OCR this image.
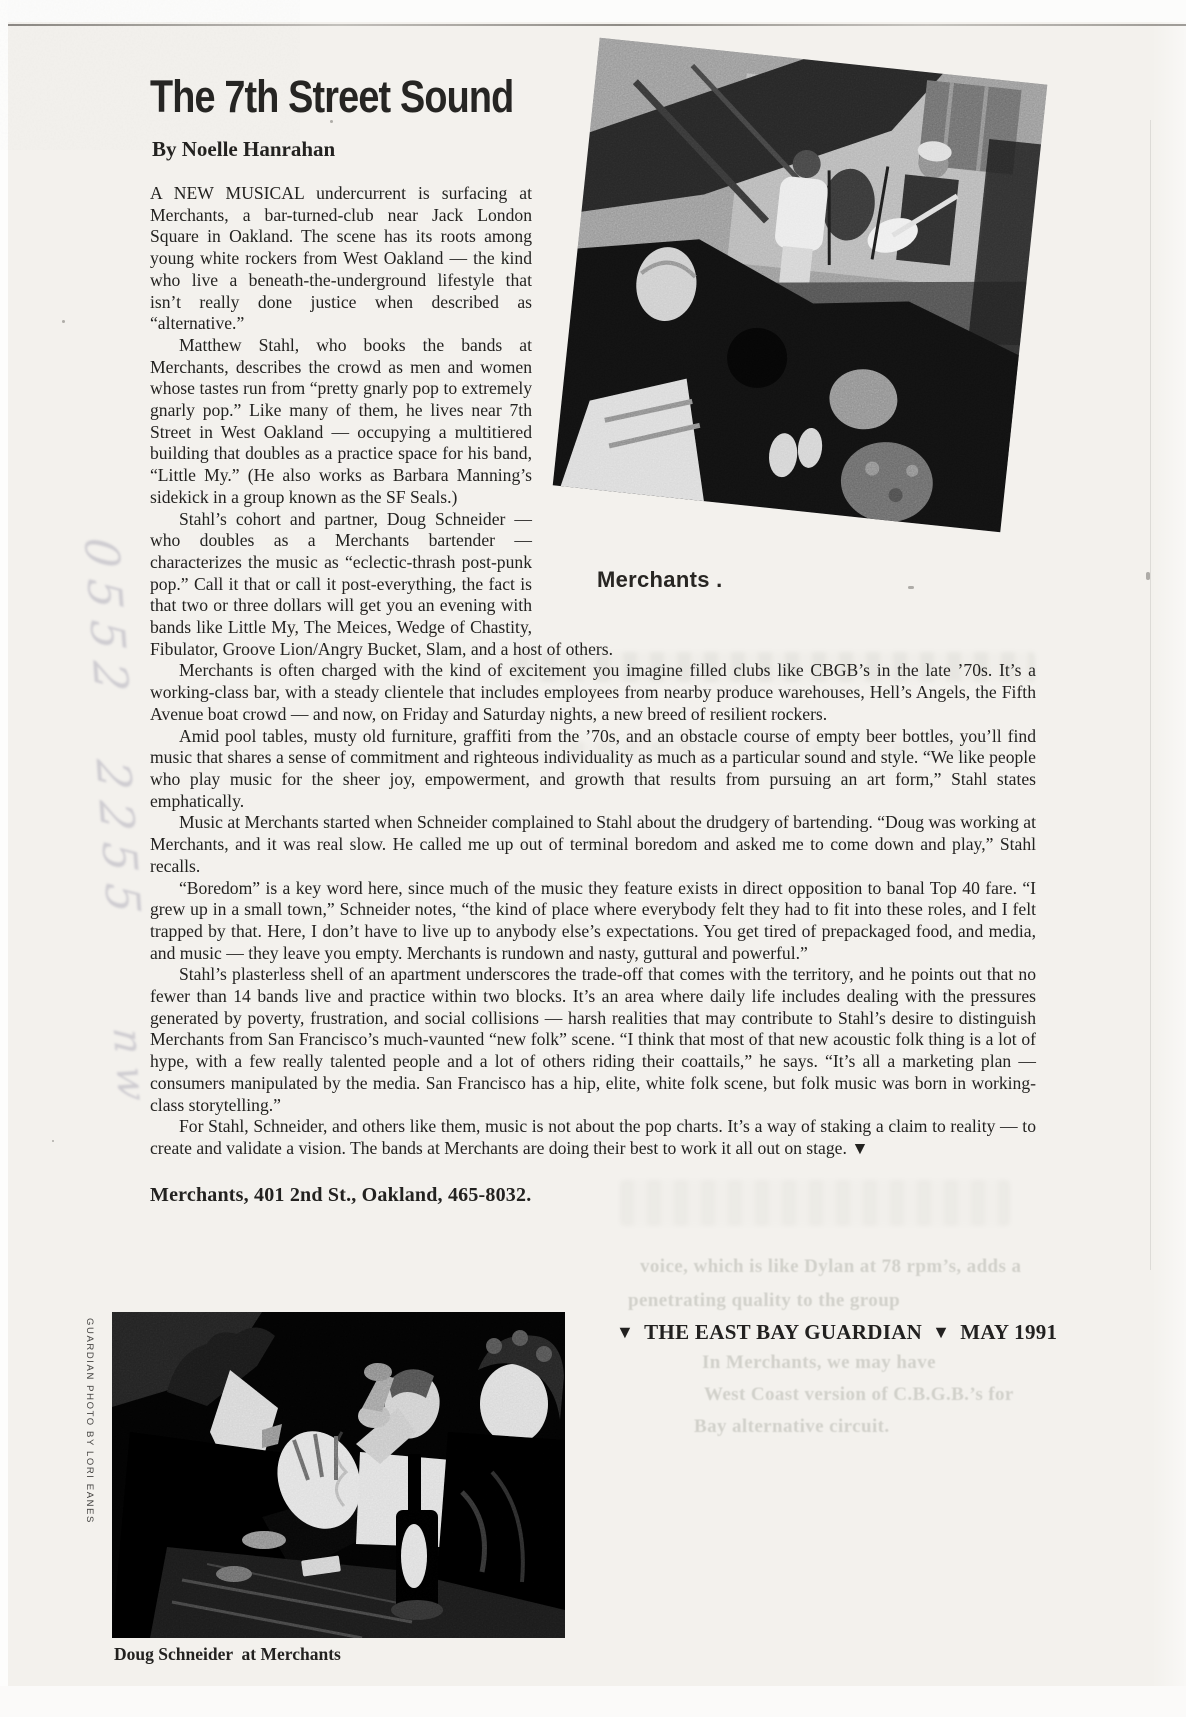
0552
2255
nw
voice, which is like Dylan at 78 rpm’s, adds a
penetrating quality to the group
In Merchants, we may have
West Coast version of C.B.G.B.’s for
Bay alternative circuit.
The 7th Street Sound
By Noelle Hanrahan
Merchants .

A NEW MUSICAL undercurrent is surfacing at Merchants, a bar-turned-club near Jack London Square in Oakland. The scene has its roots among young white rockers from West Oakland — the kind who live a beneath-the-underground lifestyle that isn’t really done justice when described as “alternative.”

Matthew Stahl, who books the bands at Merchants, describes the crowd as men and women whose tastes run from “pretty gnarly pop to extremely gnarly pop.” Like many of them, he lives near 7th Street in West Oakland — occupying a multitiered building that doubles as a practice space for his band, “Little My.” (He also works as Barbara Manning’s sidekick in a group known as the SF Seals.)

Stahl’s cohort and partner, Doug Schneider — who doubles as a Merchants bartender — characterizes the music as “eclectic-thrash post-punk pop.” Call it that or call it post-everything, the fact is that two or three dollars will get you an evening with bands like Little My, The Meices, Wedge of Chastity, Fibulator, Groove Lion/Angry Bucket, Slam, and a host of others.

Merchants is often charged with the kind of excitement you imagine filled clubs like CBGB’s in the late ’70s. It’s a working-class bar, with a steady clientele that includes employees from nearby produce warehouses, Hell’s Angels, the Fifth Avenue boat crowd — and now, on Friday and Saturday nights, a new breed of resilient rockers.

Amid pool tables, musty old furniture, graffiti from the ’70s, and an obstacle course of empty beer bottles, you’ll find music that shares a sense of commitment and righteous individuality as much as a particular sound and style. “We like people who play music for the sheer joy, empowerment, and growth that results from pursuing an art form,” Stahl states emphatically.

Music at Merchants started when Schneider complained to Stahl about the drudgery of bartending. “Doug was working at Merchants, and it was real slow. He called me up out of terminal boredom and asked me to come down and play,” Stahl recalls.

“Boredom” is a key word here, since much of the music they feature exists in direct opposition to banal Top 40 fare. “I grew up in a small town,” Schneider notes, “the kind of place where everybody felt they had to fit into these roles, and I felt trapped by that. Here, I don’t have to live up to anybody else’s expectations. You get tired of prepackaged food, and media, and music — they leave you empty. Merchants is rundown and nasty, guttural and powerful.”

Stahl’s plasterless shell of an apartment underscores the trade-off that comes with the territory, and he points out that no fewer than 14 bands live and practice within two blocks. It’s an area where daily life includes dealing with the pressures generated by poverty, frustration, and social collisions — harsh realities that may contribute to Stahl’s desire to distinguish Merchants from San Francisco’s much-vaunted “new folk” scene. “I think that most of that new acoustic folk thing is a lot of hype, with a few really talented people and a lot of others riding their coattails,” he says. “It’s all a marketing plan — consumers manipulated by the media. San Francisco has a hip, elite, white folk scene, but folk music was born in working-class storytelling.”

For Stahl, Schneider, and others like them, music is not about the pop charts. It’s a way of staking a claim to reality — to create and validate a vision. The bands at Merchants are doing their best to work it all out on stage. ▼

Merchants, 401 2nd St., Oakland, 465-8032.
GUARDIAN PHOTO BY LORI EANES
Doug Schneider  at Merchants
▼ THE EAST BAY GUARDIAN ▼ MAY 1991
